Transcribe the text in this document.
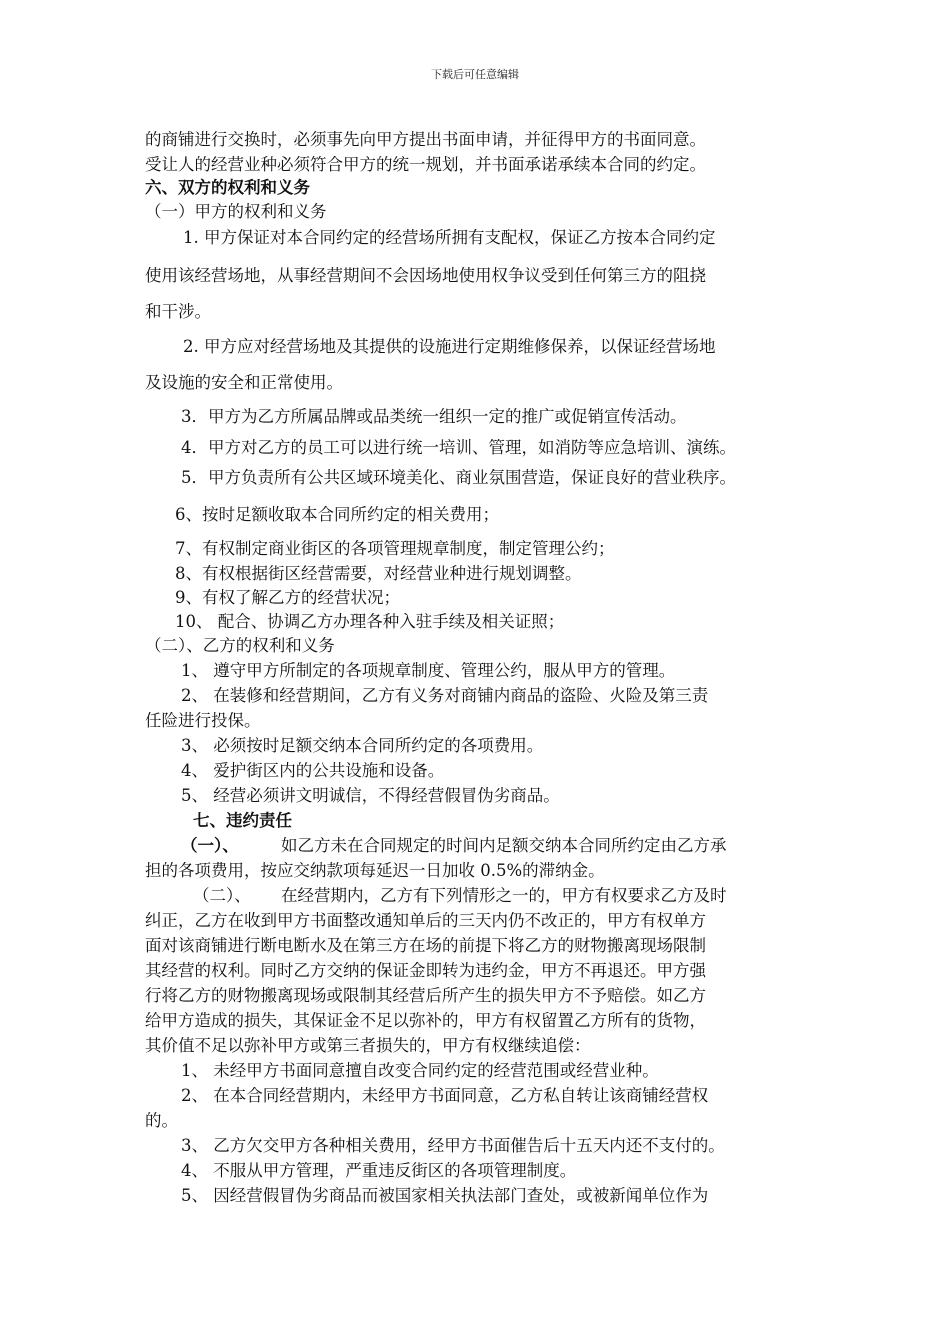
下载后可任意编辑
的商铺进行交换时，必须事先向甲方提出书面申请，并征得甲方的书面同意。
受让人的经营业种必须符合甲方的统一规划，并书面承诺承续本合同的约定。
六、双方的权利和义务
（一）甲方的权利和义务
1. 甲方保证对本合同约定的经营场所拥有支配权，保证乙方按本合同约定
使用该经营场地，从事经营期间不会因场地使用权争议受到任何第三方的阻挠
和干涉。
2. 甲方应对经营场地及其提供的设施进行定期维修保养，以保证经营场地
及设施的安全和正常使用。
3．甲方为乙方所属品牌或品类统一组织一定的推广或促销宣传活动。
4．甲方对乙方的员工可以进行统一培训、管理，如消防等应急培训、演练。
5．甲方负责所有公共区域环境美化、商业氛围营造，保证良好的营业秩序。
6、按时足额收取本合同所约定的相关费用；
7、有权制定商业街区的各项管理规章制度，制定管理公约；
8、有权根据街区经营需要，对经营业种进行规划调整。
9、有权了解乙方的经营状况；
10、 配合、协调乙方办理各种入驻手续及相关证照；
（二）、乙方的权利和义务
1、 遵守甲方所制定的各项规章制度、管理公约，服从甲方的管理。
2、 在装修和经营期间，乙方有义务对商铺内商品的盗险、火险及第三责
任险进行投保。
3、 必须按时足额交纳本合同所约定的各项费用。
4、 爱护街区内的公共设施和设备。
5、 经营必须讲文明诚信，不得经营假冒伪劣商品。
七、违约责任
（一）、	如乙方未在合同规定的时间内足额交纳本合同所约定由乙方承
担的各项费用，按应交纳款项每延迟一日加收 0.5%的滞纳金。
（二）、 在经营期内，乙方有下列情形之一的，甲方有权要求乙方及时
纠正，乙方在收到甲方书面整改通知单后的三天内仍不改正的，甲方有权单方
面对该商铺进行断电断水及在第三方在场的前提下将乙方的财物搬离现场限制
其经营的权利。同时乙方交纳的保证金即转为违约金，甲方不再退还。甲方强
行将乙方的财物搬离现场或限制其经营后所产生的损失甲方不予赔偿。如乙方
给甲方造成的损失，其保证金不足以弥补的，甲方有权留置乙方所有的货物，
其价值不足以弥补甲方或第三者损失的，甲方有权继续追偿：
1、 未经甲方书面同意擅自改变合同约定的经营范围或经营业种。
2、 在本合同经营期内，未经甲方书面同意，乙方私自转让该商铺经营权
的。
3、 乙方欠交甲方各种相关费用，经甲方书面催告后十五天内还不支付的。
4、 不服从甲方管理，严重违反街区的各项管理制度。
5、 因经营假冒伪劣商品而被国家相关执法部门查处，或被新闻单位作为
